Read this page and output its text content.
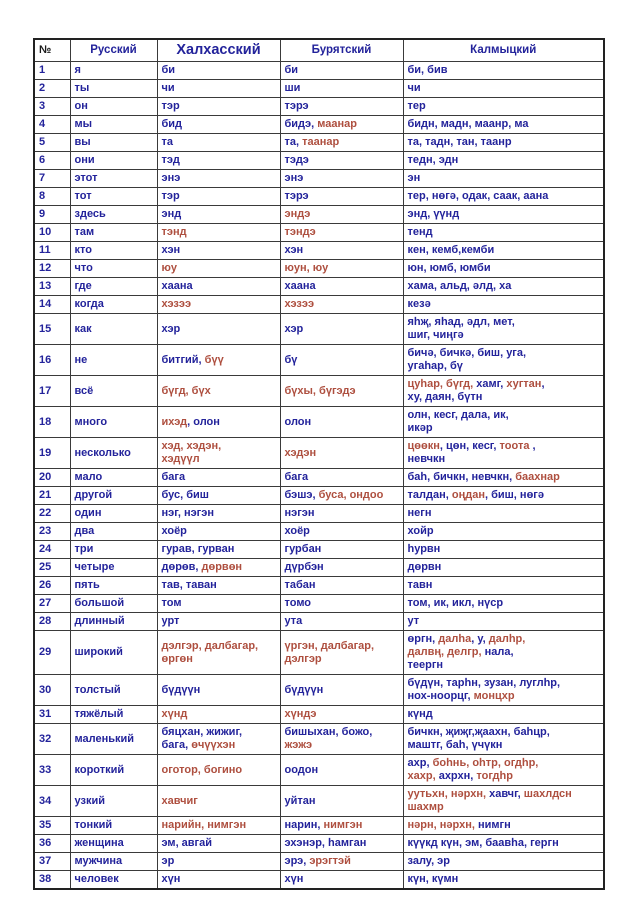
№	Русский	Халхасский	Бурятский	Калмыцкий
1	я	би	би	би, бив
2	ты	чи	ши	чи
3	он	тэр	тэрэ	тер
4	мы	бид	бидэ, маанар	бидн, мадн, маанр, ма
5	вы	та	та, таанар	та, тадн, тан, таанр
6	они	тэд	тэдэ	тедн, эдн
7	этот	энэ	энэ	эн
8	тот	тэр	тэрэ	тер, нөгә, одак, саак, аана
9	здесь	энд	эндэ	энд, үүнд
10	там	тэнд	тэндэ	тенд
11	кто	хэн	хэн	кен, кемб,кемби
12	что	юу	юун, юу	юн, юмб, юмби
13	где	хаана	хаана	хама, альд, әлд, ха
14	когда	хэзээ	хэзээ	кезә
15	как	хэр	хэр	яһҗ, яһад, әдл, мет,
шиг, чиңгә
16	не	битгий, бүү	бү	бичә, бичкә, биш, уга,
угаһар, бү
17	всё	бүгд, бүх	бүхы, бүгэдэ	цуһар, бүгд, хамг, хугтан,
ху, даян, бүтн
18	много	ихэд, олон	олон	олн, кесг, дала, ик,
икәр
19	несколько	хэд, хэдэн,
хэдүүл	хэдэн	цөөкн, цөн, кесг, тоота ,
невчкн
20	мало	бага	бага	баһ, бичкн, невчкн, баахнар
21	другой	бус, биш	бэшэ, буса, ондоо	талдан, оңдан, биш, нөгә
22	один	нэг, нэгэн	нэгэн	негн
23	два	хоёр	хоёр	хойр
24	три	гурав, гурван	гурбан	һурвн
25	четыре	дөрөв, дөрвөн	дүрбэн	дөрвн
26	пять	тав, таван	табан	тавн
27	большой	том	томо	том, ик, икл, нүср
28	длинный	урт	ута	ут
29	широкий	дэлгэр, далбагар, өргөн	үргэн, далбагар, дэлгэр	өргн, далһа, у, далһр,
далвң, делгр, нала,
теергн
30	толстый	бүдүүн	бүдүүн	бүдүн, тарһн, зузан, луглһр,
нох-ноорцг, монцхр
31	тяжёлый	хүнд	хүндэ	күнд
32	маленький	бяцхан, жижиг,
бага, өчүүхэн	бишыхан, божо,
жэжэ	бичкн, җиҗг,җаахн, баһцр,
маштг, баһ, үчүкн
33	короткий	оготор, богино	оодон	ахр, боһнь, оһтр, огдһр,
хахр, ахрхн, тогдһр
34	узкий	хавчиг	уйтан	уутьхн, нәрхн, хавчг, шахлдсн
шахмр
35	тонкий	нарийн, нимгэн	нарин, нимгэн	нәрн, нәрхн, нимгн
36	женщина	эм, авгай	эхэнэр, һамган	күүкд күн, эм, баавһа, гергн
37	мужчина	эр	эрэ, эрэгтэй	залу, эр
38	человек	хүн	хүн	күн, күмн
